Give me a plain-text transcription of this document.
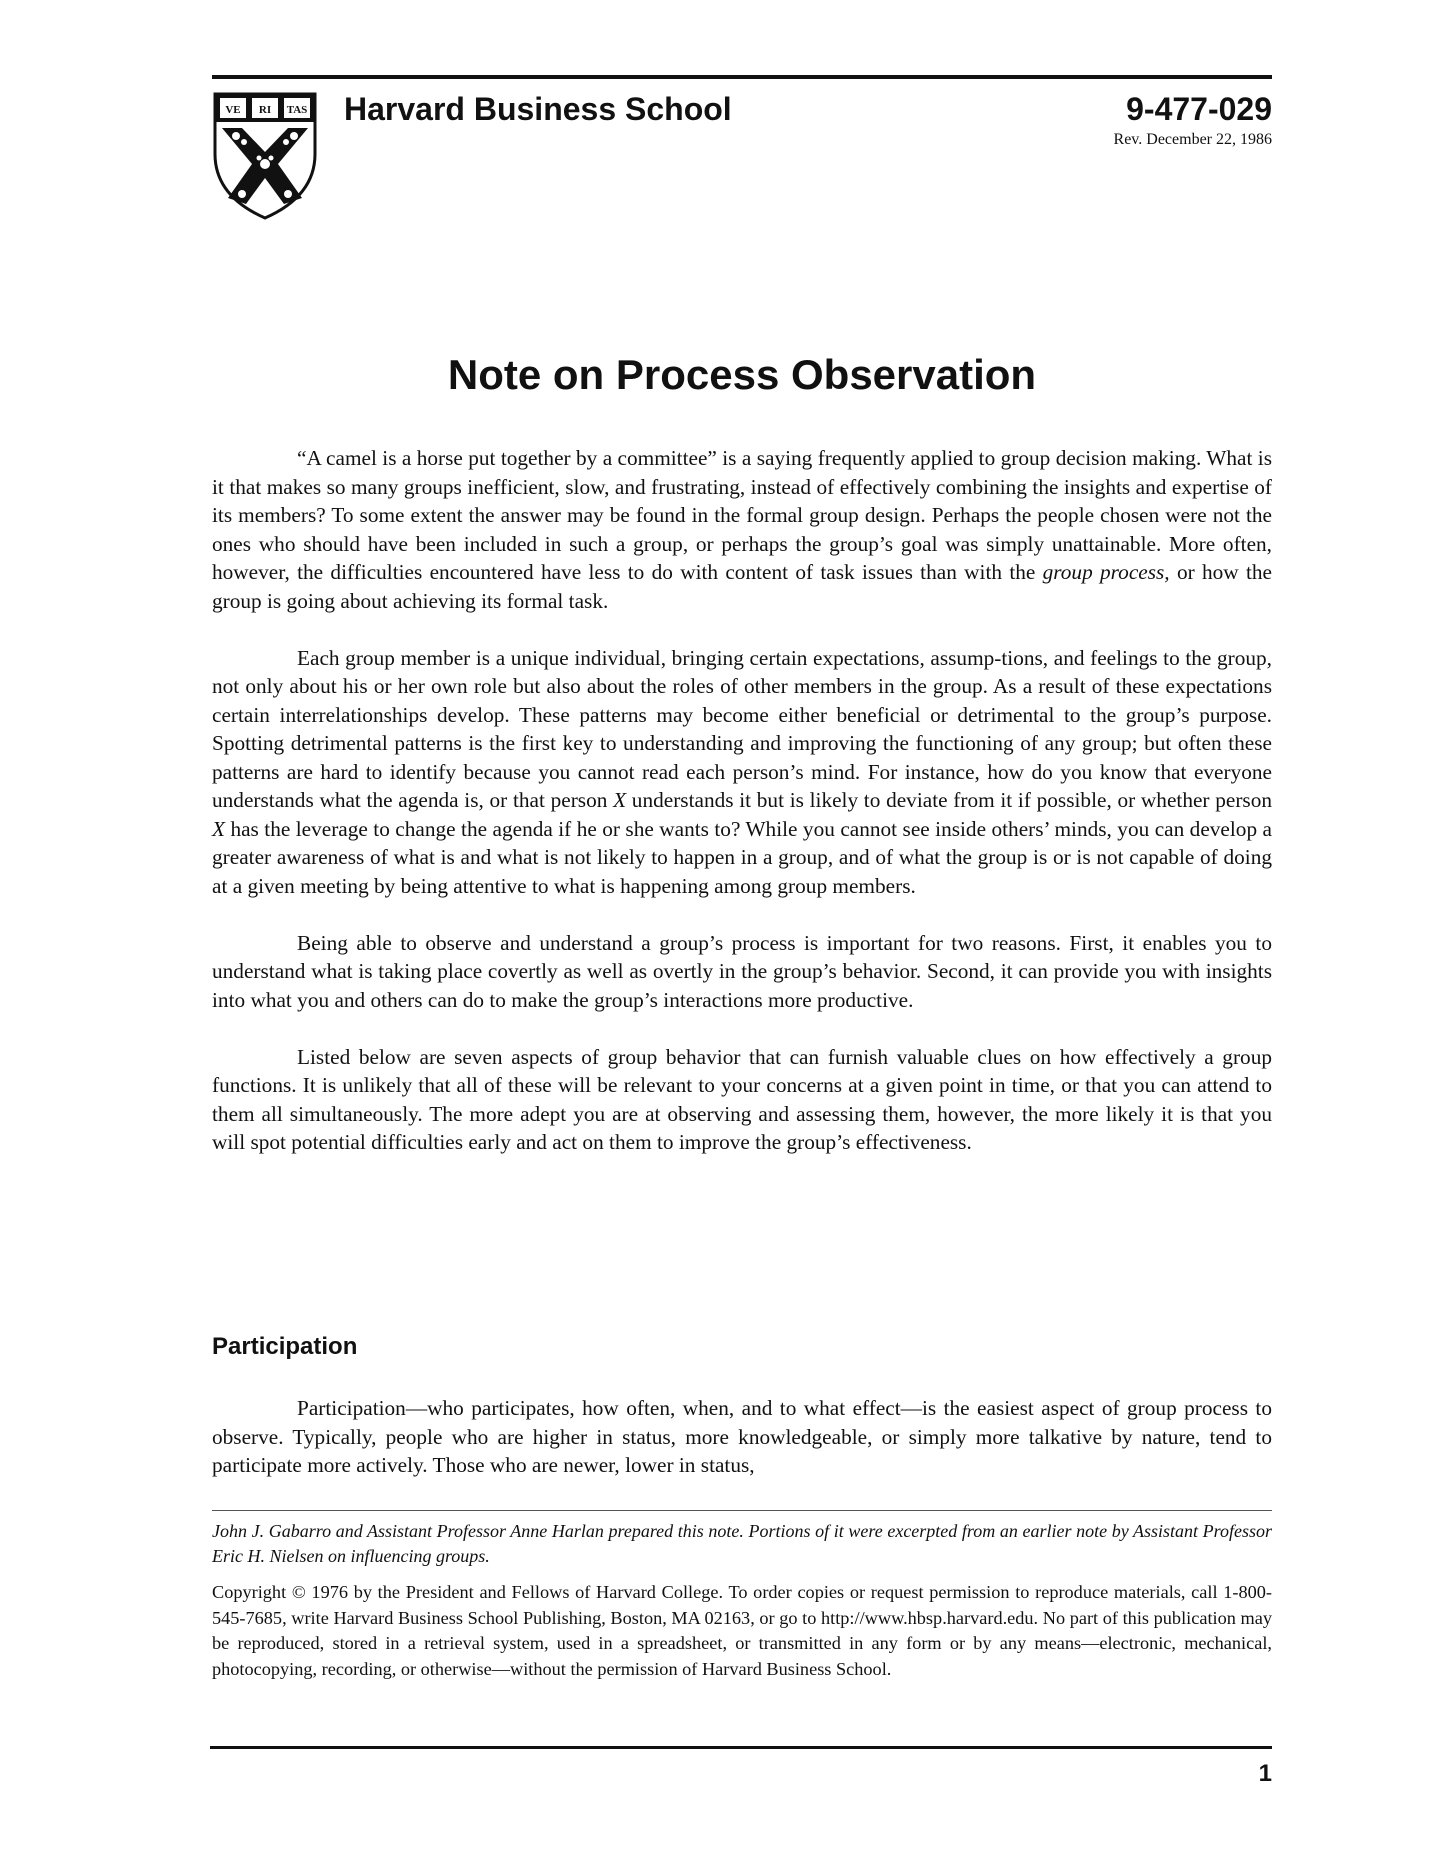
VE RI TAS Harvard Business School	9-477-029
Rev. December 22, 1986
Note on Process Observation

“A camel is a horse put together by a committee” is a saying frequently applied to group decision making. What is it that makes so many groups inefficient, slow, and frustrating, instead of effectively combining the insights and expertise of its members? To some extent the answer may be found in the formal group design. Perhaps the people chosen were not the ones who should have been included in such a group, or perhaps the group’s goal was simply unattainable. More often, however, the difficulties encountered have less to do with content of task issues than with the group process, or how the group is going about achieving its formal task.

Each group member is a unique individual, bringing certain expectations, assump-tions, and feelings to the group, not only about his or her own role but also about the roles of other members in the group. As a result of these expectations certain interrelationships develop. These patterns may become either beneficial or detrimental to the group’s purpose. Spotting detrimental patterns is the first key to understanding and improving the functioning of any group; but often these patterns are hard to identify because you cannot read each person’s mind. For instance, how do you know that everyone understands what the agenda is, or that person X understands it but is likely to deviate from it if possible, or whether person X has the leverage to change the agenda if he or she wants to? While you cannot see inside others’ minds, you can develop a greater awareness of what is and what is not likely to happen in a group, and of what the group is or is not capable of doing at a given meeting by being attentive to what is happening among group members.

Being able to observe and understand a group’s process is important for two reasons. First, it enables you to understand what is taking place covertly as well as overtly in the group’s behavior. Second, it can provide you with insights into what you and others can do to make the group’s interactions more productive.

Listed below are seven aspects of group behavior that can furnish valuable clues on how effectively a group functions. It is unlikely that all of these will be relevant to your concerns at a given point in time, or that you can attend to them all simultaneously. The more adept you are at observing and assessing them, however, the more likely it is that you will spot potential difficulties early and act on them to improve the group’s effectiveness.

Participation

Participation—who participates, how often, when, and to what effect—is the easiest aspect of group process to observe. Typically, people who are higher in status, more knowledgeable, or simply more talkative by nature, tend to participate more actively. Those who are newer, lower in status,

John J. Gabarro and Assistant Professor Anne Harlan prepared this note. Portions of it were excerpted from an earlier note by Assistant Professor Eric H. Nielsen on influencing groups.
Copyright © 1976 by the President and Fellows of Harvard College. To order copies or request permission to reproduce materials, call 1-800-545-7685, write Harvard Business School Publishing, Boston, MA 02163, or go to http://www.hbsp.harvard.edu. No part of this publication may be reproduced, stored in a retrieval system, used in a spreadsheet, or transmitted in any form or by any means—electronic, mechanical, photocopying, recording, or otherwise—without the permission of Harvard Business School.
1
